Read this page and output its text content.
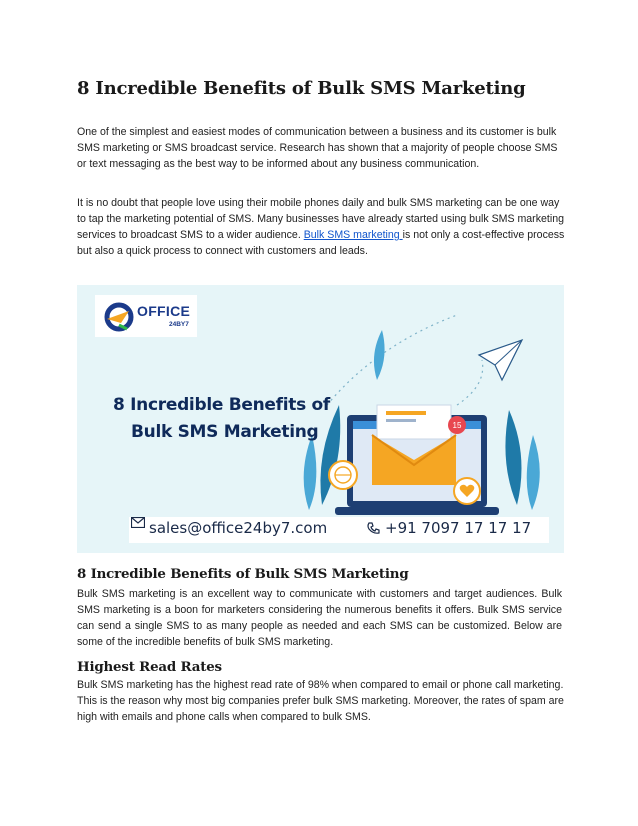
8 Incredible Benefits of Bulk SMS Marketing
One of the simplest and easiest modes of communication between a business and its customer is bulk SMS marketing or SMS broadcast service. Research has shown that a majority of people choose SMS or text messaging as the best way to be informed about any business communication.
It is no doubt that people love using their mobile phones daily and bulk SMS marketing can be one way to tap the marketing potential of SMS. Many businesses have already started using bulk SMS marketing services to broadcast SMS to a wider audience. Bulk SMS marketing is not only a cost-effective process but also a quick process to connect with customers and leads.
15
OFFICE
24BY7
8 Incredible Benefits of
Bulk SMS Marketing
sales@office24by7.com	+91 7097 17 17 17
8 Incredible Benefits of Bulk SMS Marketing
Bulk SMS marketing is an excellent way to communicate with customers and target audiences. Bulk SMS marketing is a boon for marketers considering the numerous benefits it offers. Bulk SMS service can send a single SMS to as many people as needed and each SMS can be customized. Below are some of the incredible benefits of bulk SMS marketing.
Highest Read Rates
Bulk SMS marketing has the highest read rate of 98% when compared to email or phone call marketing. This is the reason why most big companies prefer bulk SMS marketing. Moreover, the rates of spam are high with emails and phone calls when compared to bulk SMS.
